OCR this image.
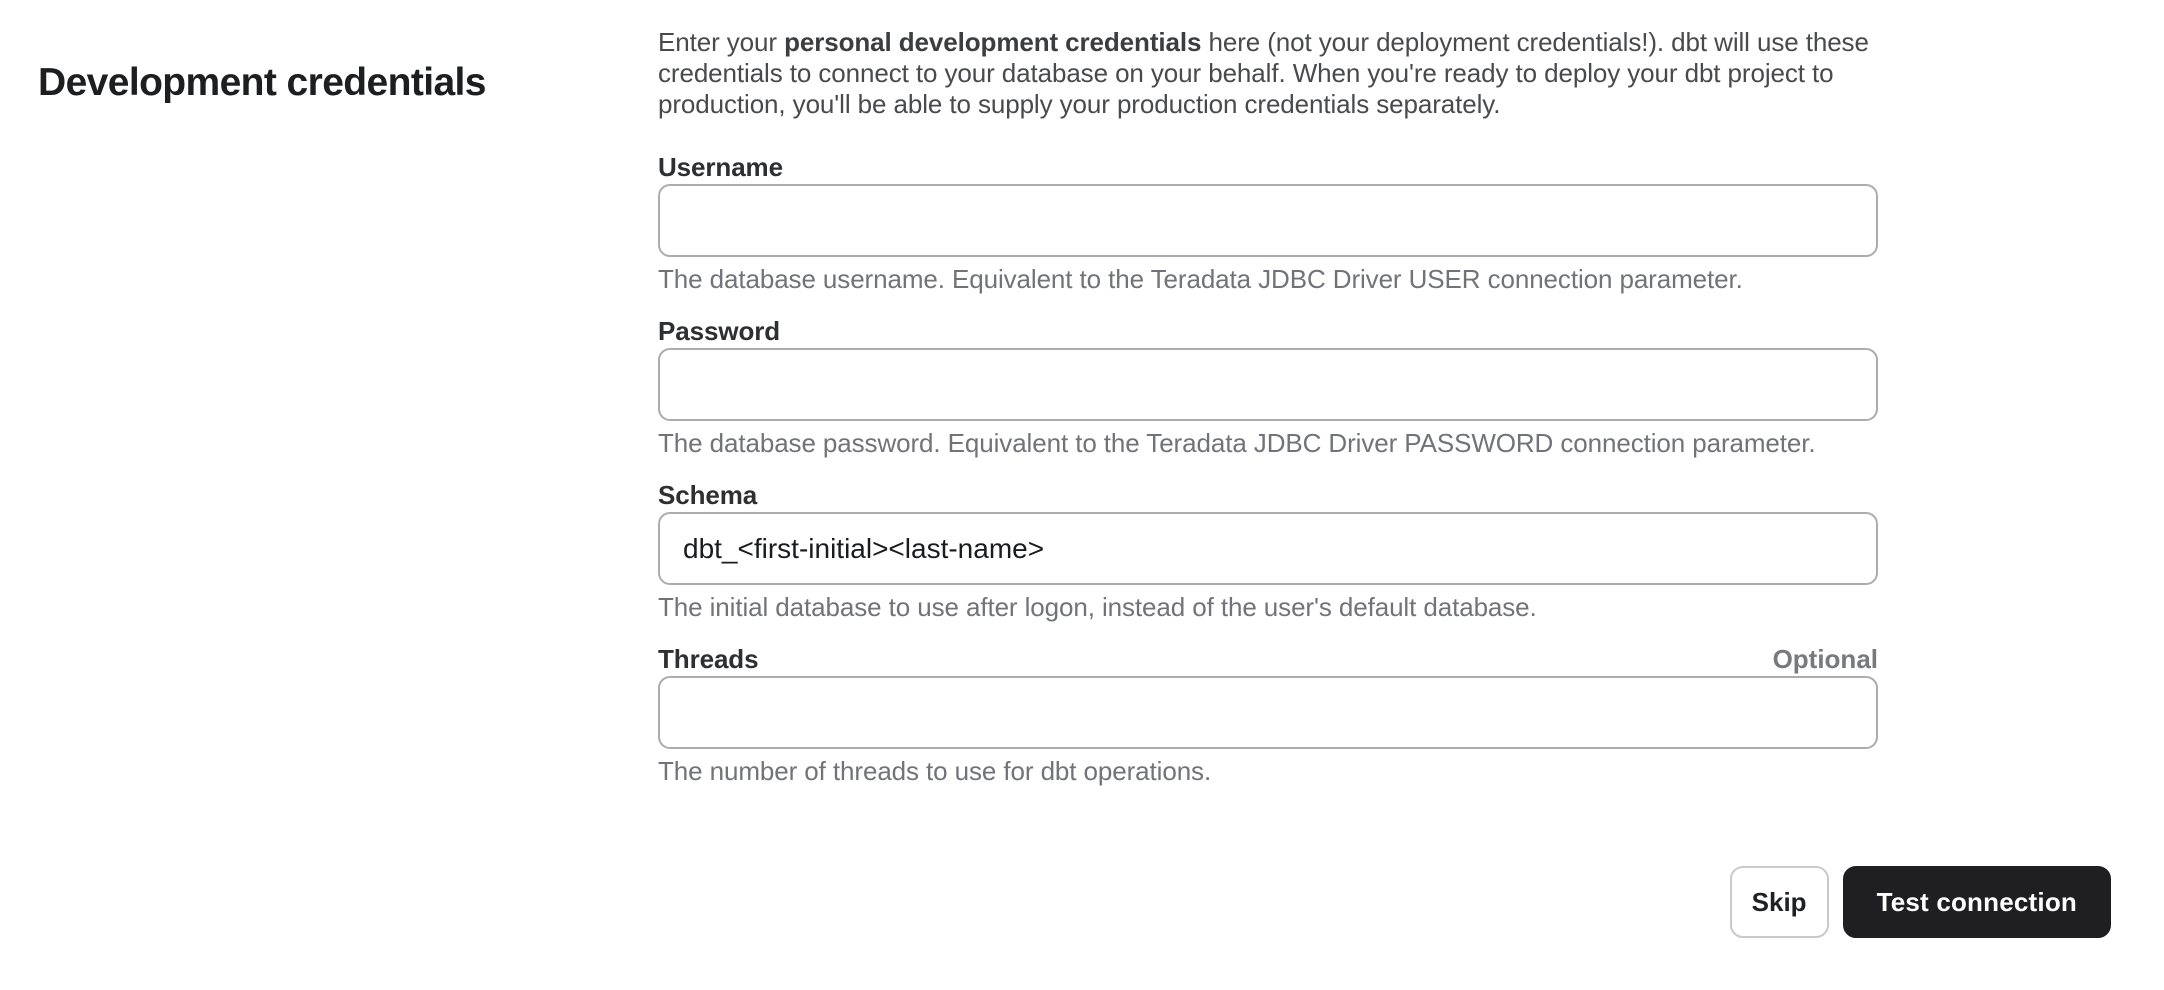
Development credentials
Enter your personal development credentials here (not your deployment credentials!). dbt will use these
credentials to connect to your database on your behalf. When you're ready to deploy your dbt project to
production, you'll be able to supply your production credentials separately.
Username
The database username. Equivalent to the Teradata JDBC Driver USER connection parameter.
Password
The database password. Equivalent to the Teradata JDBC Driver PASSWORD connection parameter.
Schema
dbt_<first-initial><last-name>
The initial database to use after logon, instead of the user's default database.
Threads	Optional
The number of threads to use for dbt operations.
Skip	Test connection
